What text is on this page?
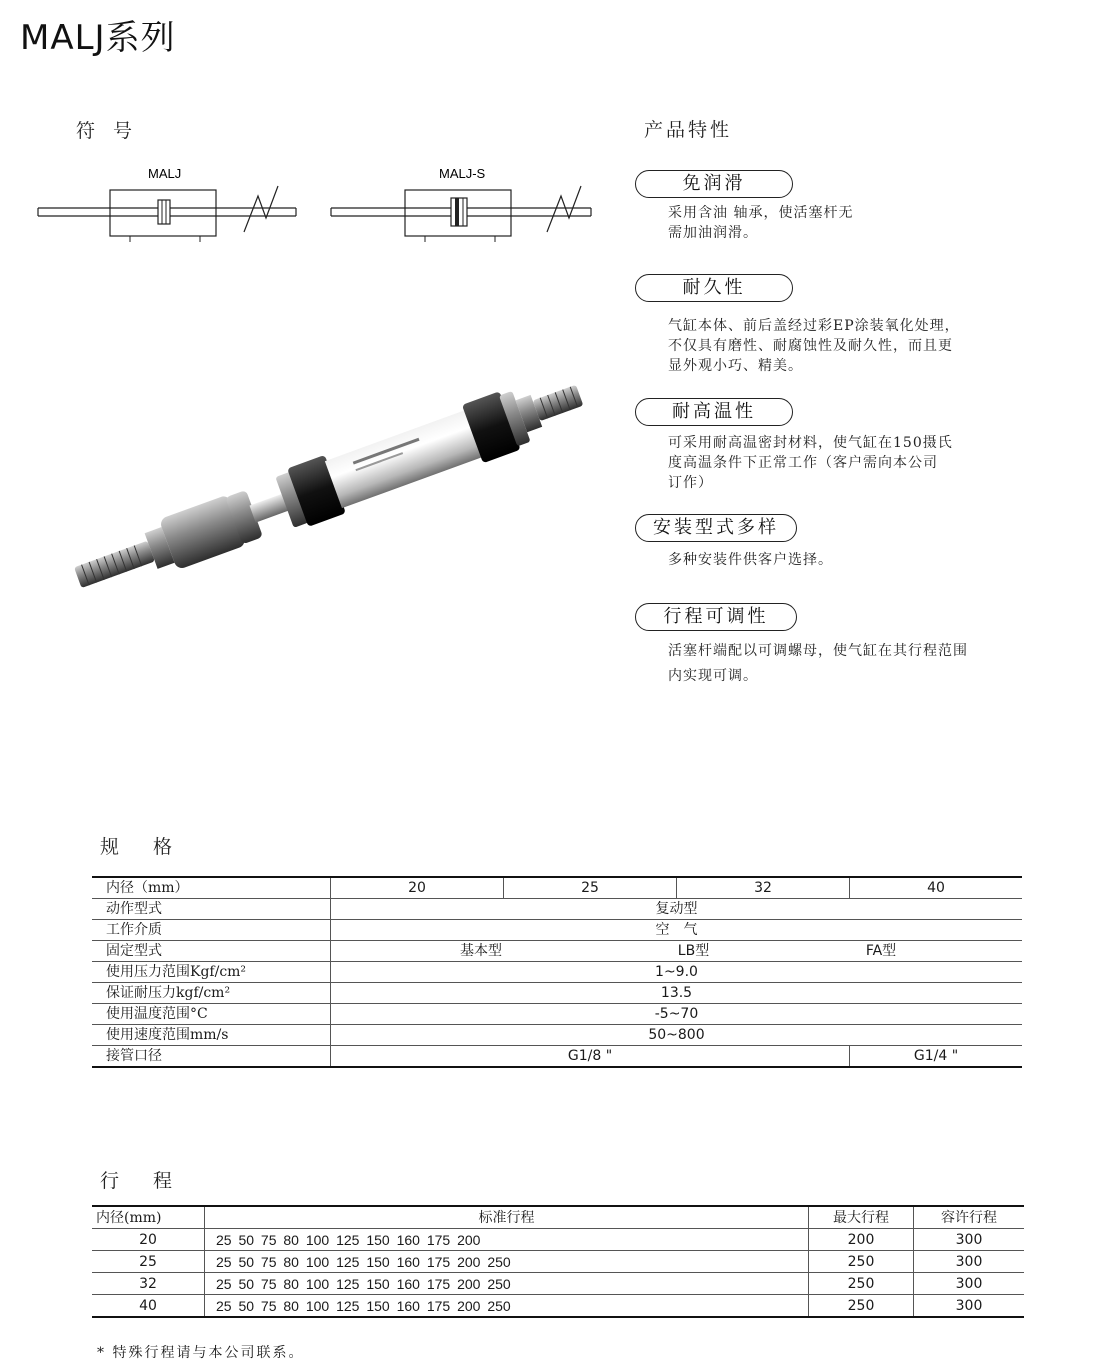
MALJ系列
符 号
MALJ	MALJ-S
产品特性
免润滑
采用含油 轴承，使活塞杆无
需加油润滑。
耐久性
气缸本体、前后盖经过彩EP涂装氧化处理，
不仅具有磨性、耐腐蚀性及耐久性，而且更
显外观小巧、精美。
耐高温性
可采用耐高温密封材料，使气缸在150摄氏
度高温条件下正常工作（客户需向本公司
订作）
安装型式多样
多种安装件供客户选择。
行程可调性
活塞杆端配以可调螺母，使气缸在其行程范围
内实现可调。
规 格
内径（mm）	20	25	32	40
动作型式	复动型			
工作介质	空　气			
固定型式	基本型 LB型 FA型			

使用压力范围Kgf/cm²	1~9.0			
保证耐压力kgf/cm²	13.5			
使用温度范围°C	-5~70			
使用速度范围mm/s	50~800			
接管口径	G1/8 "			G1/4 "
行 程
内径(mm)	标准行程	最大行程	容许行程
20	25 50 75 80 100 125 150 160 175 200	200	300
25	25 50 75 80 100 125 150 160 175 200 250	250	300
32	25 50 75 80 100 125 150 160 175 200 250	250	300
40	25 50 75 80 100 125 150 160 175 200 250	250	300
* 特殊行程请与本公司联系。
